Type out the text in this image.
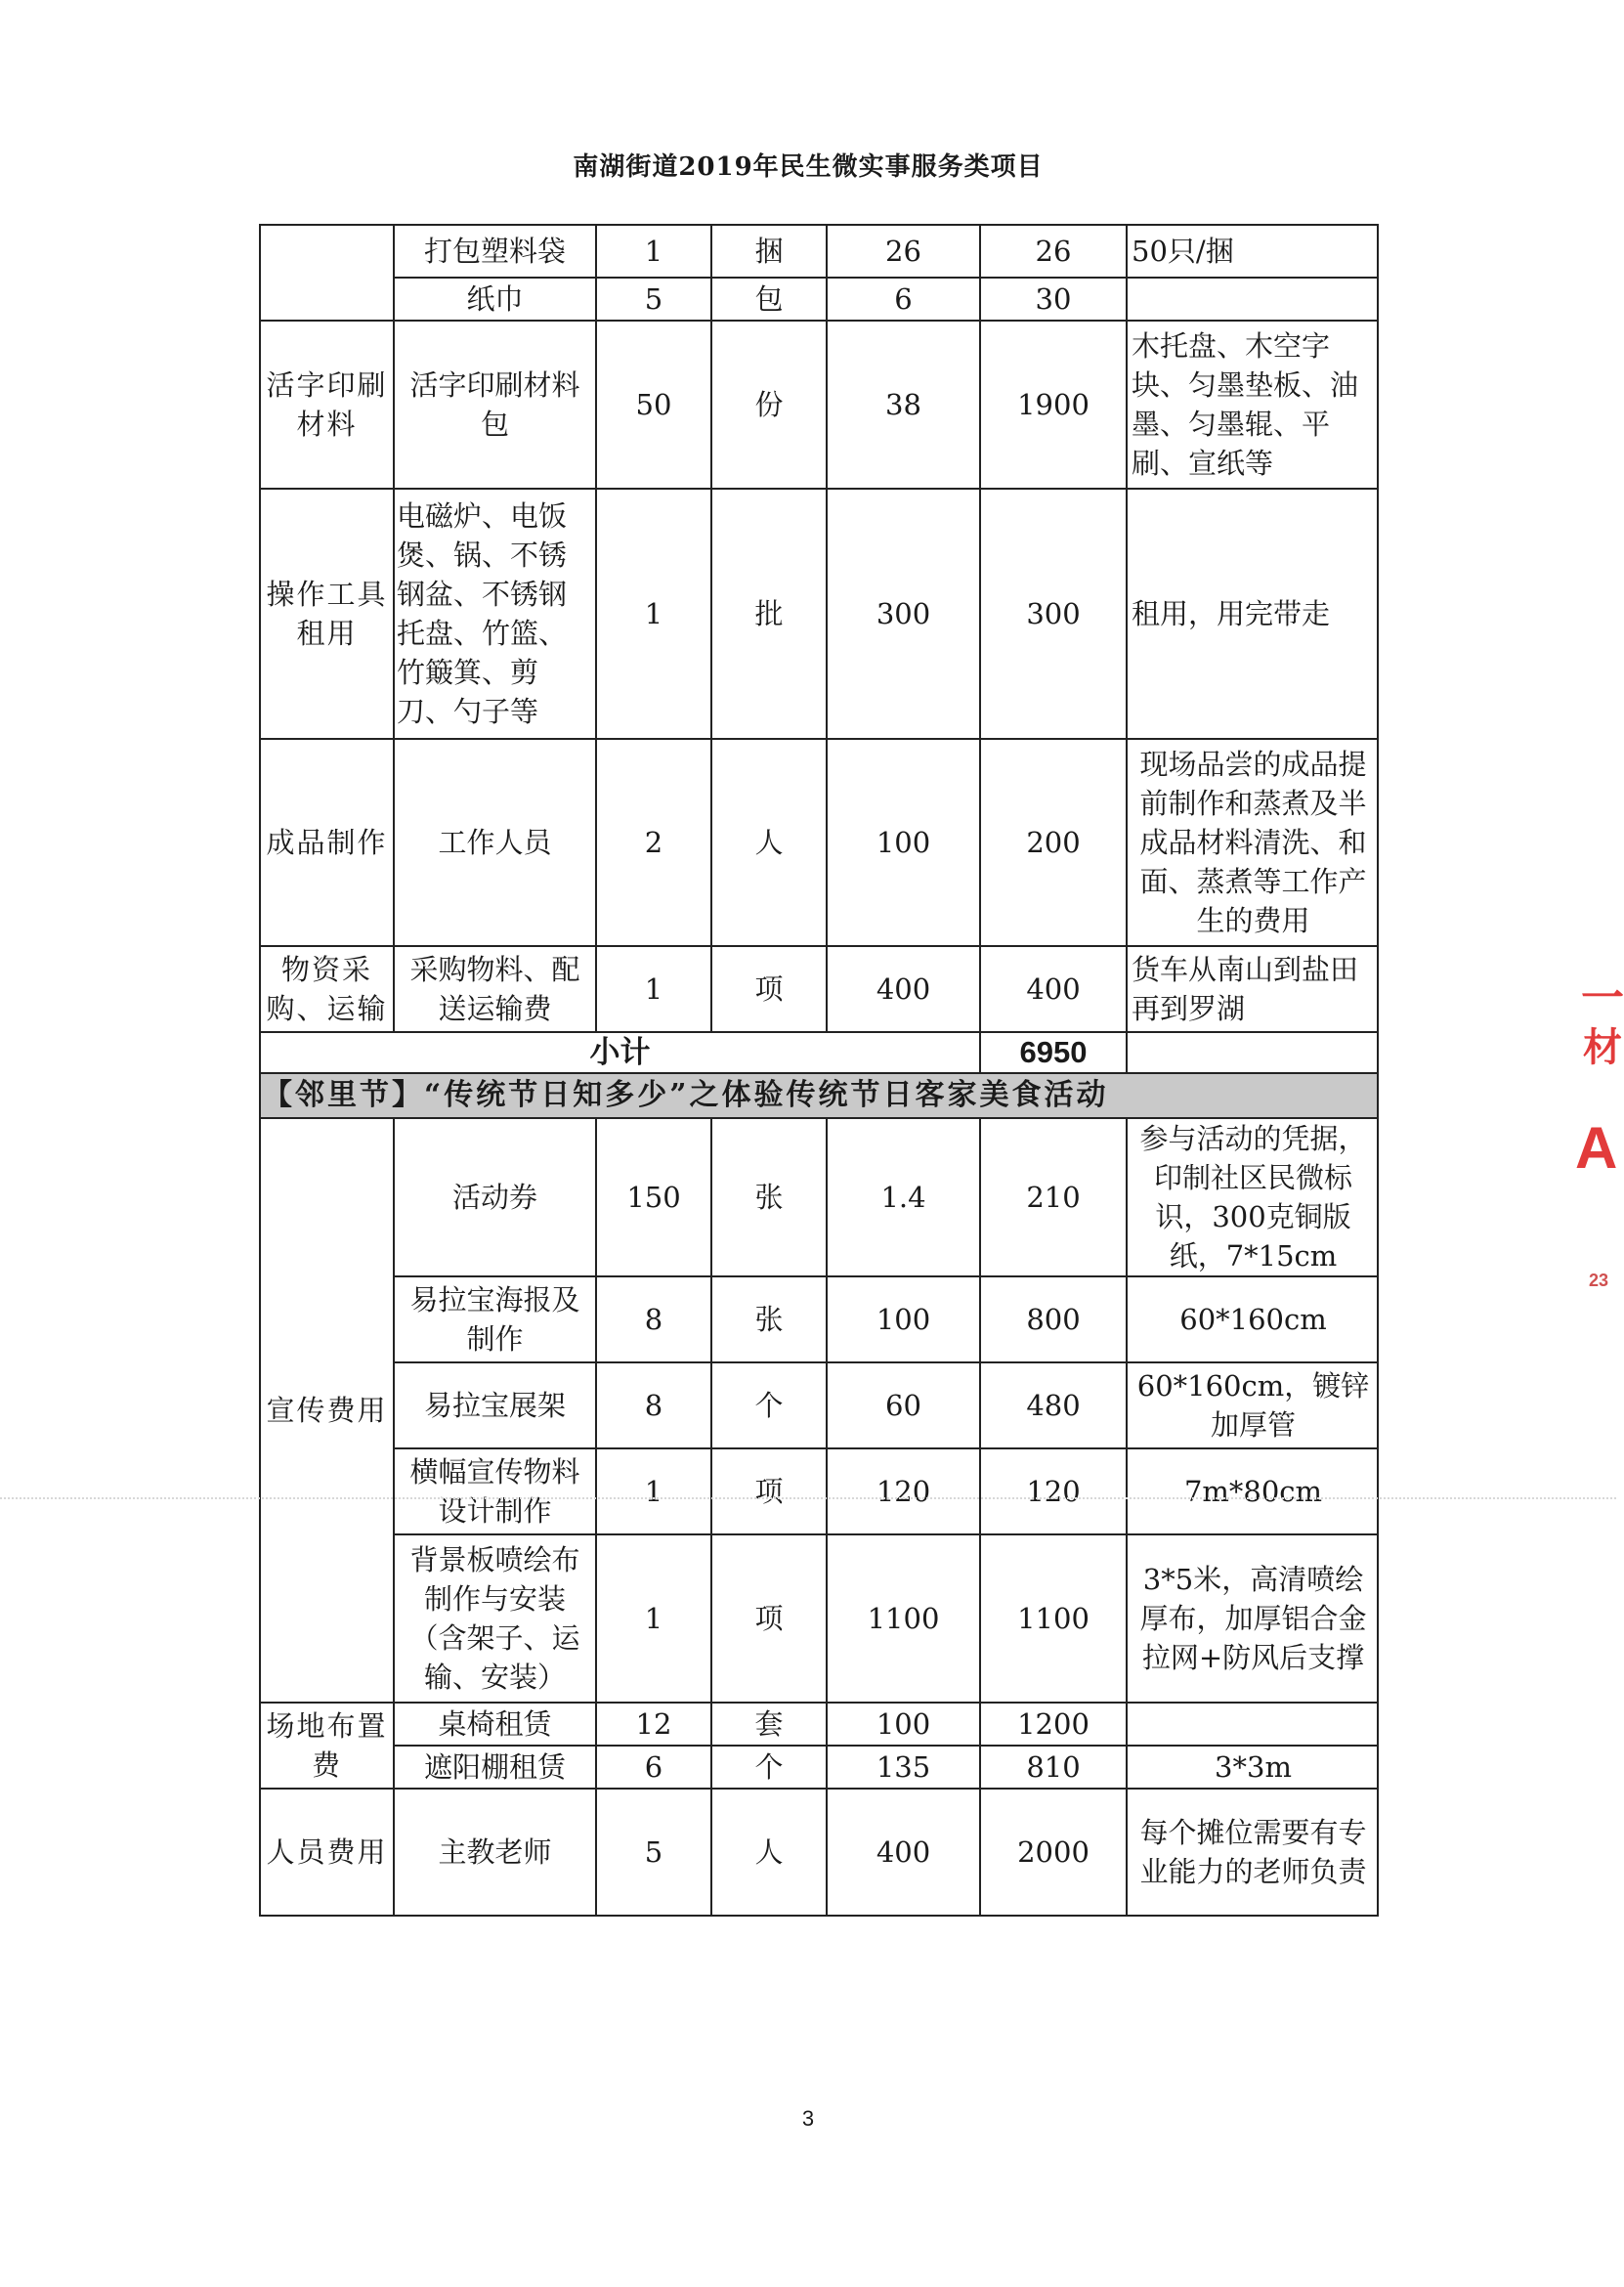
南湖街道2019年民生微实事服务类项目
	打包塑料袋	1	捆	26	26	50只/捆
	纸巾	5	包	6	30	
活字印刷材料	活字印刷材料包	50	份	38	1900	木托盘、木空字块、匀墨垫板、油墨、匀墨辊、平刷、宣纸等
操作工具租用	电磁炉、电饭煲、锅、不锈钢盆、不锈钢托盘、竹篮、竹簸箕、剪刀、勺子等	1	批	300	300	租用，用完带走
成品制作	工作人员	2	人	100	200	现场品尝的成品提前制作和蒸煮及半成品材料清洗、和面、蒸煮等工作产生的费用
物资采购、运输	采购物料、配送运输费	1	项	400	400	货车从南山到盐田再到罗湖
小计					6950	
【邻里节】“传统节日知多少”之体验传统节日客家美食活动						
宣传费用	活动券	150	张	1.4	210	参与活动的凭据，印制社区民微标识，300克铜版纸，7*15cm
	易拉宝海报及制作	8	张	100	800	60*160cm
	易拉宝展架	8	个	60	480	60*160cm，镀锌加厚管
	横幅宣传物料设计制作	1	项	120	120	7m*80cm
	背景板喷绘布制作与安装（含架子、运输、安装）	1	项	1100	1100	3*5米，高清喷绘厚布，加厚铝合金拉网+防风后支撑
场地布置费	桌椅租赁	12	套	100	1200	
	遮阳棚租赁	6	个	135	810	3*3m
人员费用	主教老师	5	人	400	2000	每个摊位需要有专业能力的老师负责
一
材
A
23
3
